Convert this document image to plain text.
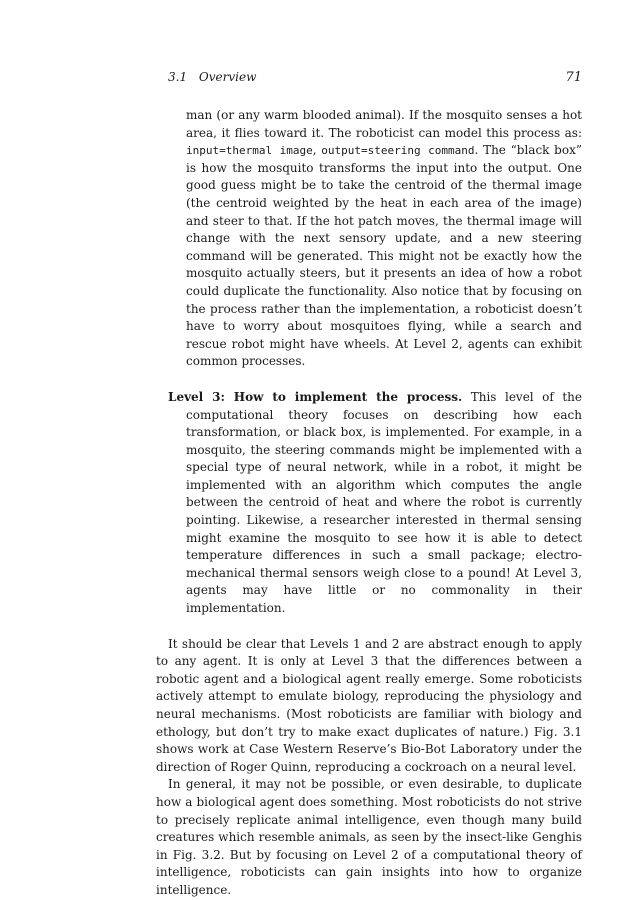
3.1 Overview	71

man (or any warm blooded animal). If the mosquito senses a hot area, it flies toward it. The roboticist can model this process as: input=thermal image, output=steering command. The “black box” is how the mosquito transforms the input into the output. One good guess might be to take the centroid of the thermal image (the centroid weighted by the heat in each area of the image) and steer to that. If the hot patch moves, the thermal image will change with the next sensory update, and a new steering command will be generated. This might not be exactly how the mosquito actually steers, but it presents an idea of how a robot could duplicate the functionality. Also notice that by focusing on the process rather than the implementation, a roboticist doesn’t have to worry about mosquitoes flying, while a search and rescue robot might have wheels. At Level 2, agents can exhibit common processes.

Level 3: How to implement the process. This level of the computational theory focuses on describing how each transformation, or black box, is implemented. For example, in a mosquito, the steering commands might be implemented with a special type of neural network, while in a robot, it might be implemented with an algorithm which computes the angle between the centroid of heat and where the robot is currently pointing. Likewise, a researcher interested in thermal sensing might examine the mosquito to see how it is able to detect temperature differences in such a small package; electro-mechanical thermal sensors weigh close to a pound! At Level 3, agents may have little or no commonality in their implementation.

It should be clear that Levels 1 and 2 are abstract enough to apply to any agent. It is only at Level 3 that the differences between a robotic agent and a biological agent really emerge. Some roboticists actively attempt to emulate biology, reproducing the physiology and neural mechanisms. (Most roboticists are familiar with biology and ethology, but don’t try to make exact duplicates of nature.) Fig. 3.1 shows work at Case Western Reserve’s Bio-Bot Laboratory under the direction of Roger Quinn, reproducing a cockroach on a neural level.

In general, it may not be possible, or even desirable, to duplicate how a biological agent does something. Most roboticists do not strive to precisely replicate animal intelligence, even though many build creatures which resemble animals, as seen by the insect-like Genghis in Fig. 3.2. But by focusing on Level 2 of a computational theory of intelligence, roboticists can gain insights into how to organize intelligence.
